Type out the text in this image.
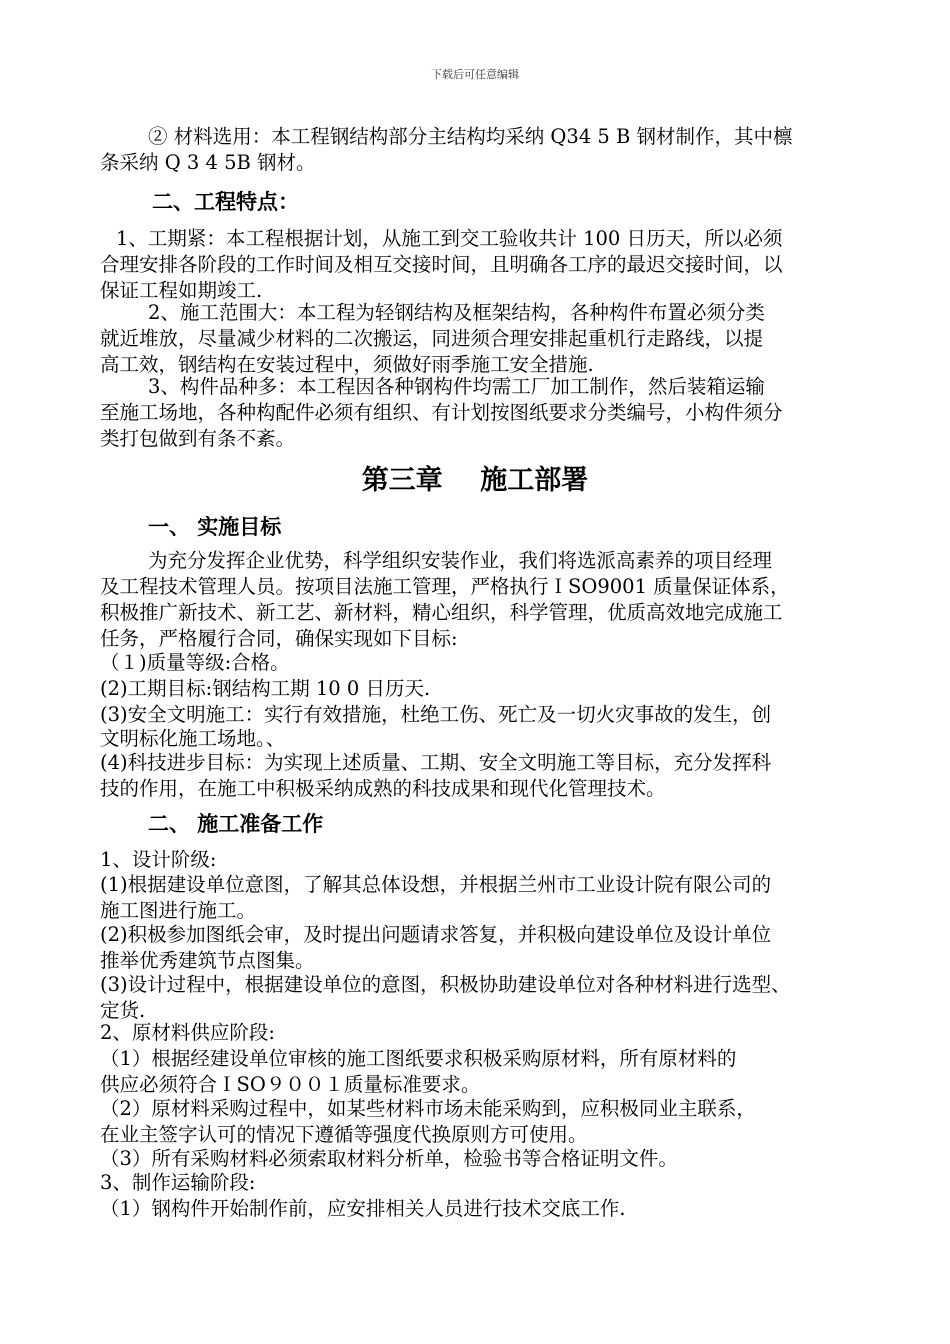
下载后可任意编辑
② 材料选用：本工程钢结构部分主结构均采纳 Q34 5 B 钢材制作，其中檩
条采纳 Q 3 4 5B 钢材。
二、工程特点：
1、工期紧：本工程根据计划，从施工到交工验收共计 100 日历天，所以必须
合理安排各阶段的工作时间及相互交接时间，且明确各工序的最迟交接时间，以
保证工程如期竣工.
2、施工范围大：本工程为轻钢结构及框架结构，各种构件布置必须分类
就近堆放，尽量减少材料的二次搬运，同进须合理安排起重机行走路线，以提
高工效，钢结构在安装过程中，须做好雨季施工安全措施.
3、构件品种多：本工程因各种钢构件均需工厂加工制作，然后装箱运输
至施工场地，各种构配件必须有组织、有计划按图纸要求分类编号，小构件须分
类打包做到有条不紊。
第三章    施工部署
一、 实施目标
为充分发挥企业优势，科学组织安装作业，我们将选派高素养的项目经理
及工程技术管理人员。按项目法施工管理，严格执行ＩSO9001 质量保证体系，
积极推广新技术、新工艺、新材料，精心组织，科学管理，优质高效地完成施工
任务，严格履行合同，确保实现如下目标:
（１)质量等级:合格。
(2)工期目标:钢结构工期 10 0 日历天.
(3)安全文明施工：实行有效措施，杜绝工伤、死亡及一切火灾事故的发生，创
文明标化施工场地。、
(4)科技进步目标：为实现上述质量、工期、安全文明施工等目标，充分发挥科
技的作用，在施工中积极采纳成熟的科技成果和现代化管理技术。
二、 施工准备工作
1、设计阶级:
(1)根据建设单位意图，了解其总体设想，并根据兰州市工业设计院有限公司的
施工图进行施工。
(2)积极参加图纸会审，及时提出问题请求答复，并积极向建设单位及设计单位
推举优秀建筑节点图集。
(3)设计过程中，根据建设单位的意图，积极协助建设单位对各种材料进行选型、
定货.
2、原材料供应阶段:
（1）根据经建设单位审核的施工图纸要求积极采购原材料，所有原材料的
供应必须符合ＩSO９００１质量标准要求。
（2）原材料采购过程中，如某些材料市场未能采购到，应积极同业主联系，
在业主签字认可的情况下遵循等强度代换原则方可使用。
（3）所有采购材料必须索取材料分析单，检验书等合格证明文件。
3、制作运输阶段:
（1）钢构件开始制作前，应安排相关人员进行技术交底工作.
